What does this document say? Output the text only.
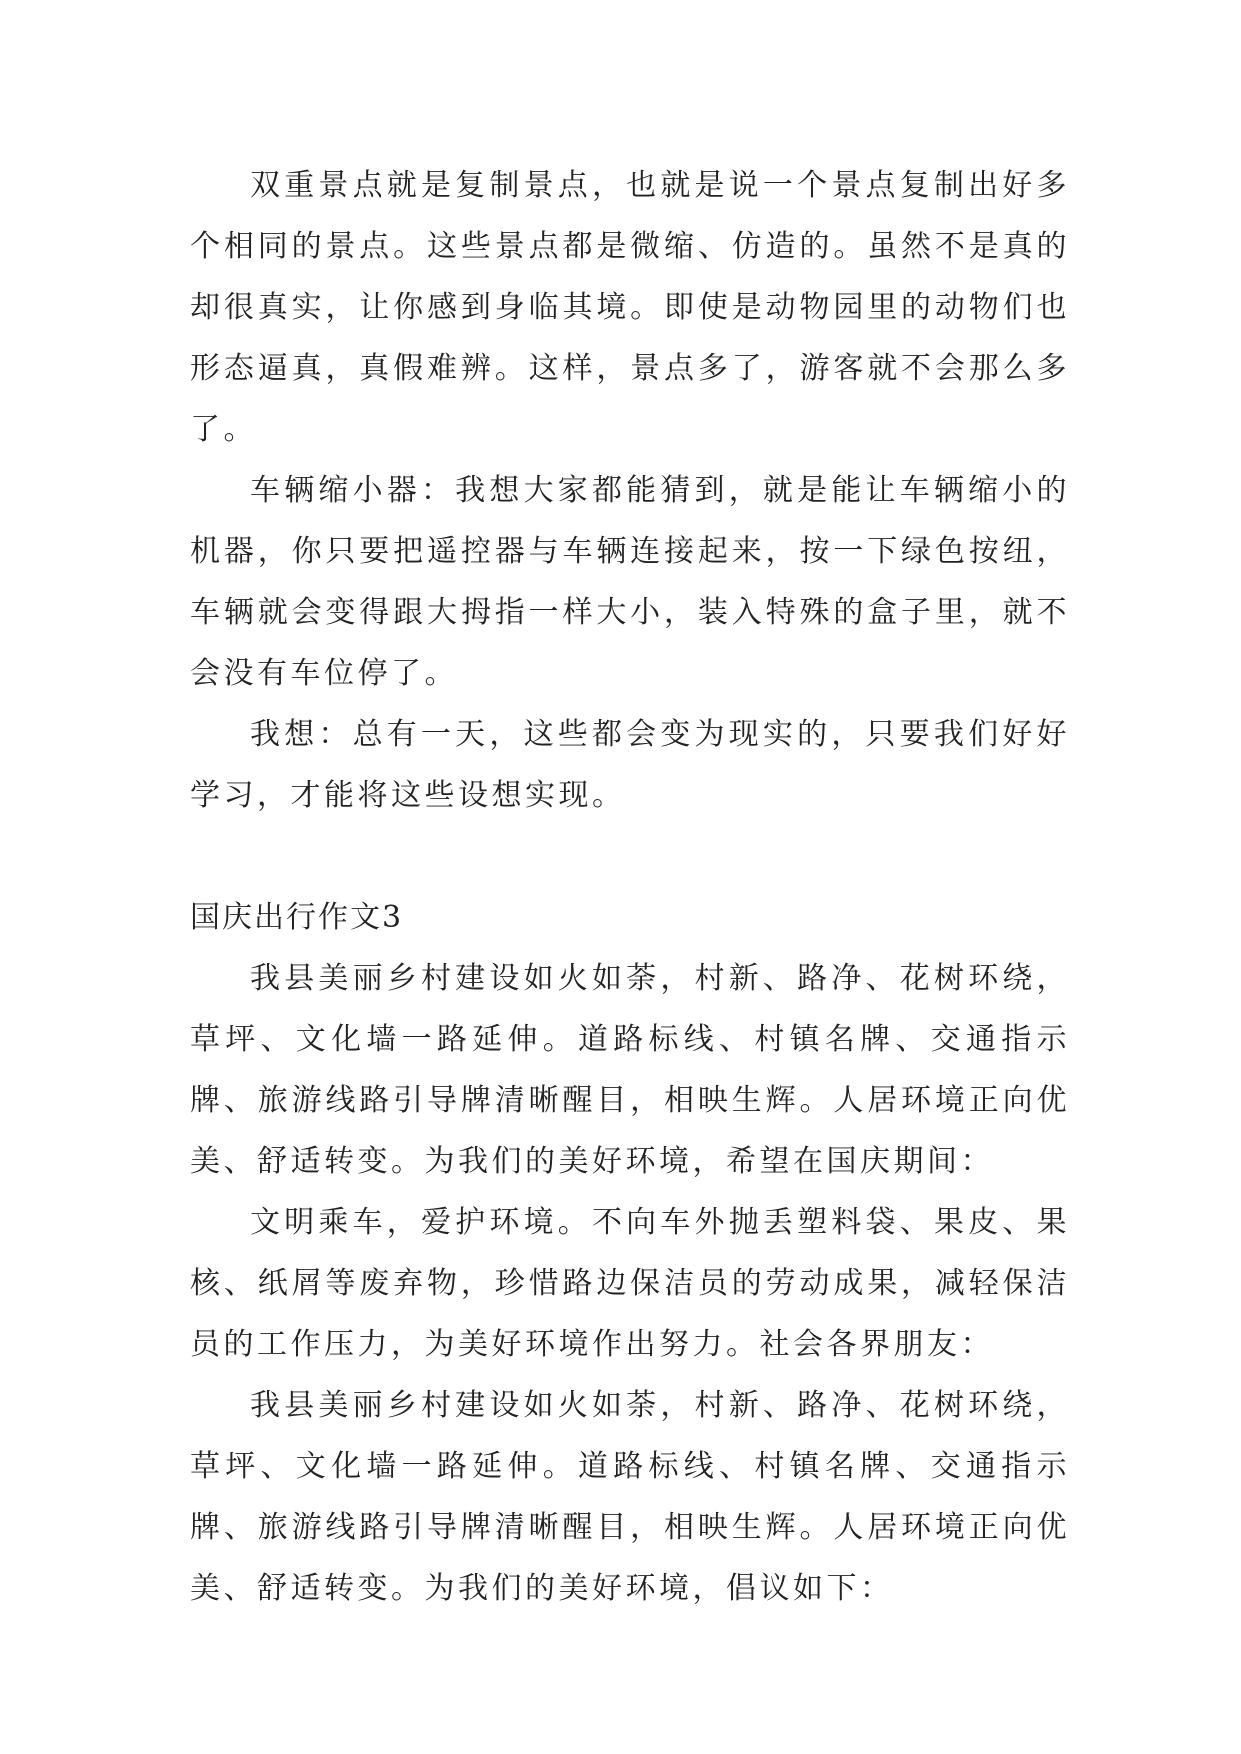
双重景点就是复制景点，也就是说一个景点复制出好多个相同的景点。这些景点都是微缩、仿造的。虽然不是真的却很真实，让你感到身临其境。即使是动物园里的动物们也形态逼真，真假难辨。这样，景点多了，游客就不会那么多了。

车辆缩小器：我想大家都能猜到，就是能让车辆缩小的机器，你只要把遥控器与车辆连接起来，按一下绿色按纽，车辆就会变得跟大拇指一样大小，装入特殊的盒子里，就不会没有车位停了。

我想：总有一天，这些都会变为现实的，只要我们好好学习，才能将这些设想实现。

国庆出行作文3

我县美丽乡村建设如火如荼，村新、路净、花树环绕，草坪、文化墙一路延伸。道路标线、村镇名牌、交通指示牌、旅游线路引导牌清晰醒目，相映生辉。人居环境正向优美、舒适转变。为我们的美好环境，希望在国庆期间：

文明乘车，爱护环境。不向车外抛丢塑料袋、果皮、果核、纸屑等废弃物，珍惜路边保洁员的劳动成果，减轻保洁员的工作压力，为美好环境作出努力。社会各界朋友：

我县美丽乡村建设如火如荼，村新、路净、花树环绕，草坪、文化墙一路延伸。道路标线、村镇名牌、交通指示牌、旅游线路引导牌清晰醒目，相映生辉。人居环境正向优美、舒适转变。为我们的美好环境，倡议如下：
